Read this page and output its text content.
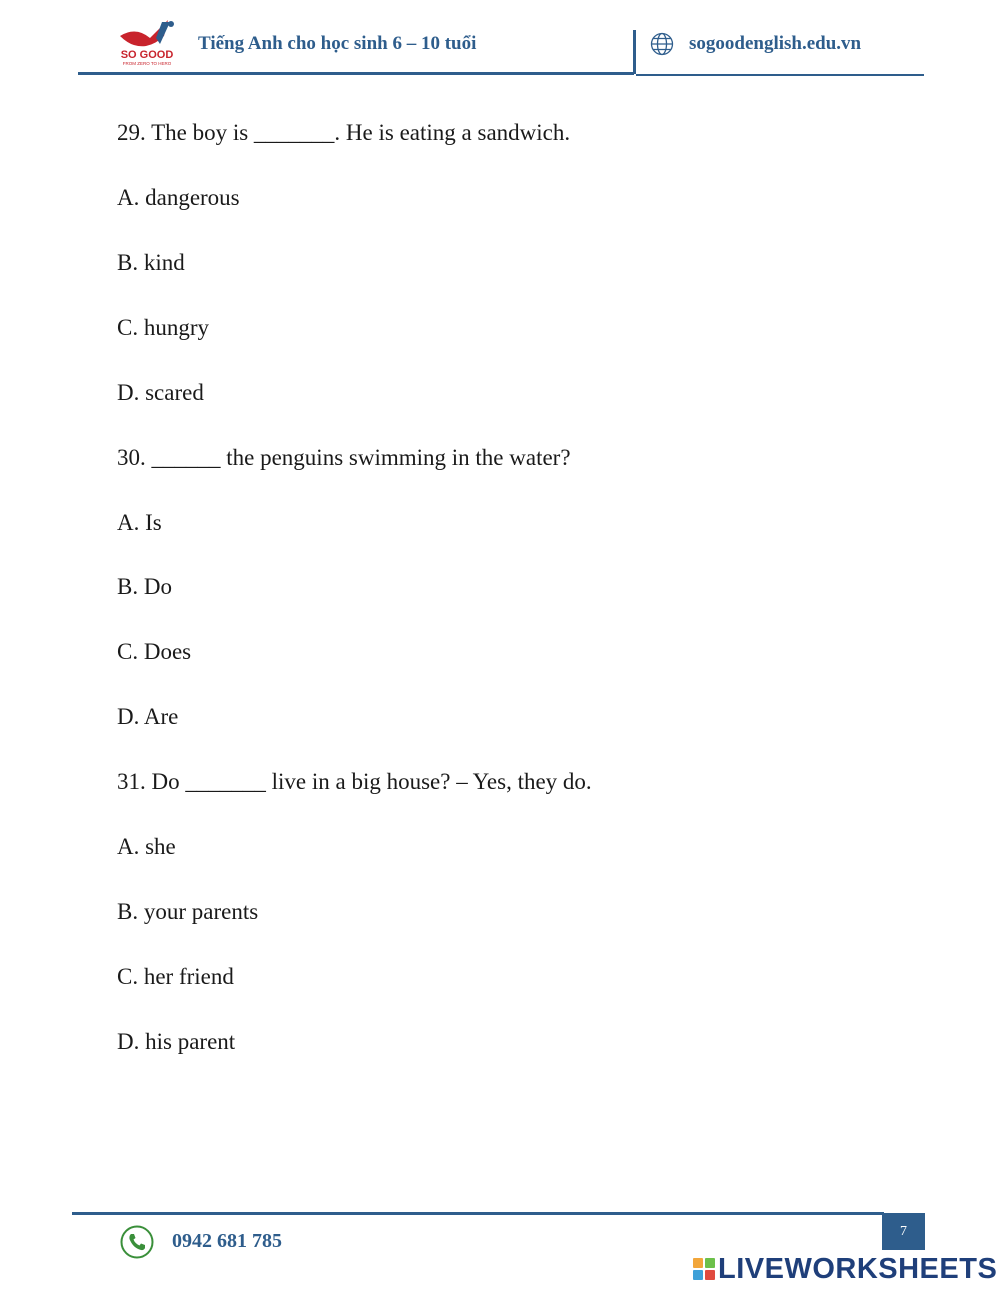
SO GOOD
FROM ZERO TO HERO
Tiếng Anh cho học sinh 6 – 10 tuổi	sogoodenglish.edu.vn
29. The boy is _______. He is eating a sandwich.
A. dangerous
B. kind
C. hungry
D. scared
30. ______ the penguins swimming in the water?
A. Is
B. Do
C. Does
D. Are
31. Do _______ live in a big house? – Yes, they do.
A. she
B. your parents
C. her friend
D. his parent
7
0942 681 785
LIVEWORKSHEETS
